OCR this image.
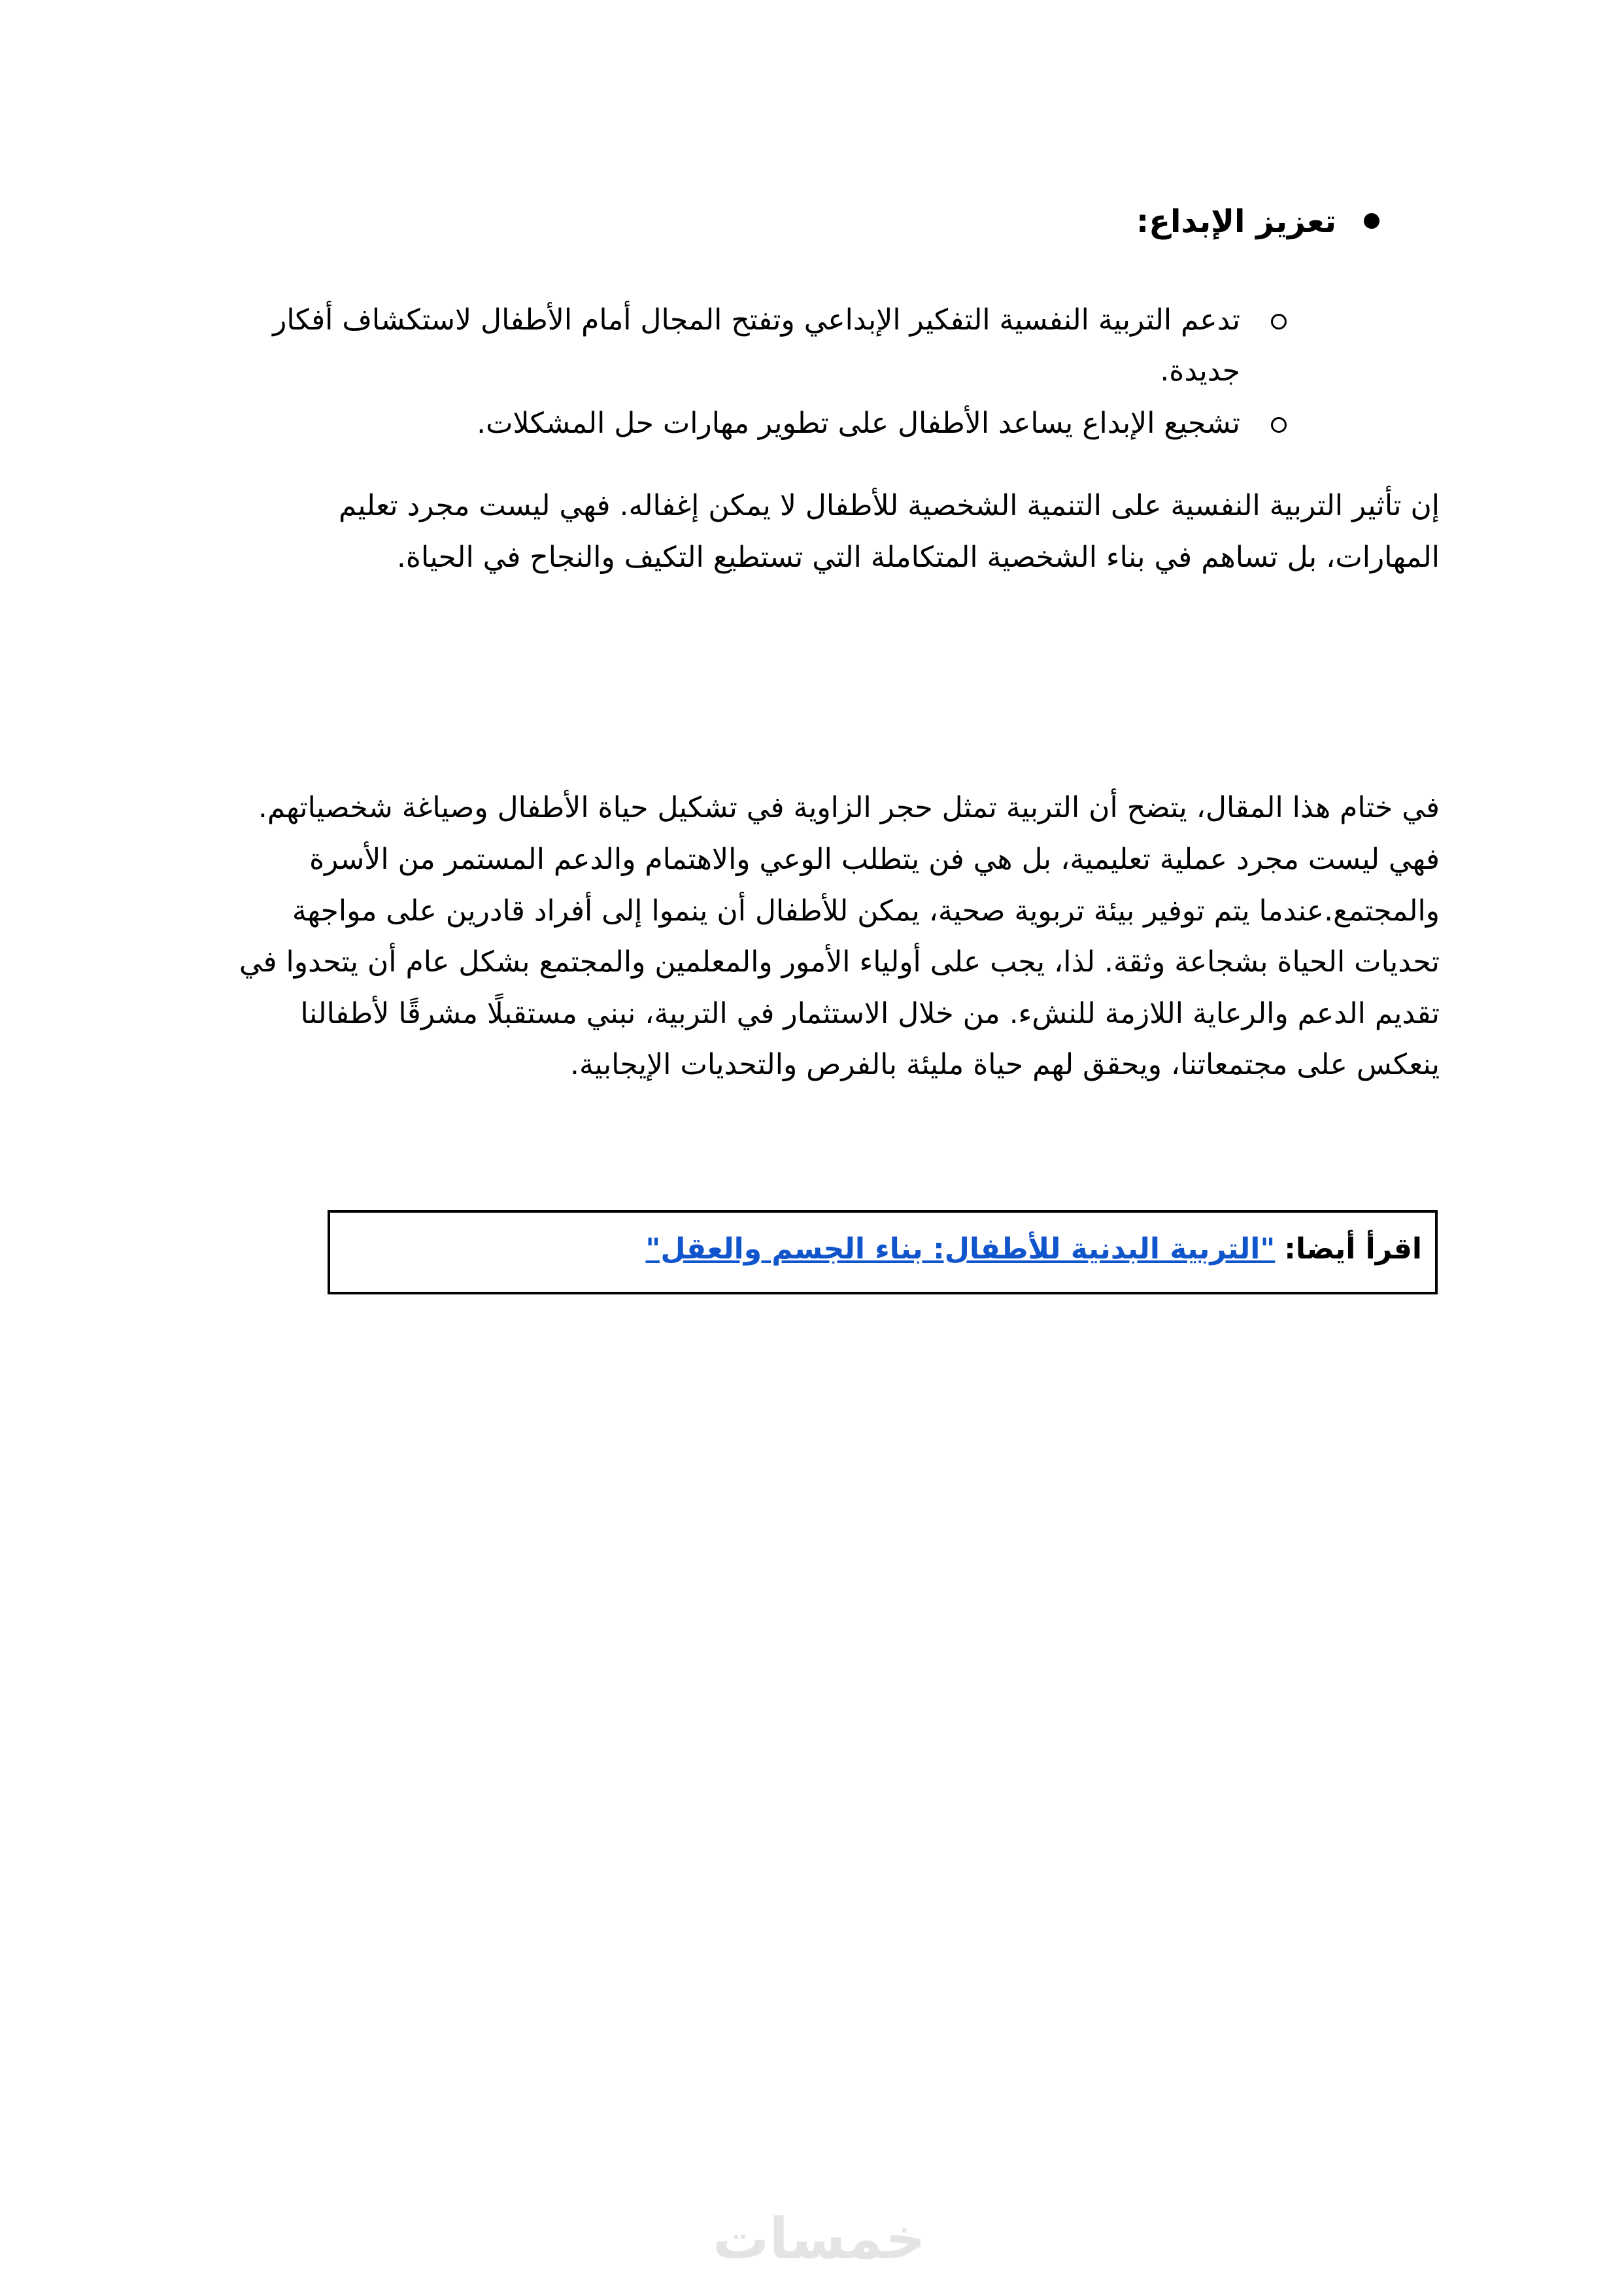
تعزيز الإبداع:
تدعم التربية النفسية التفكير الإبداعي وتفتح المجال أمام الأطفال لاستكشاف أفكار
جديدة.
تشجيع الإبداع يساعد الأطفال على تطوير مهارات حل المشكلات.
إن تأثير التربية النفسية على التنمية الشخصية للأطفال لا يمكن إغفاله. فهي ليست مجرد تعليم
المهارات، بل تساهم في بناء الشخصية المتكاملة التي تستطيع التكيف والنجاح في الحياة.
في ختام هذا المقال، يتضح أن التربية تمثل حجر الزاوية في تشكيل حياة الأطفال وصياغة شخصياتهم.
فهي ليست مجرد عملية تعليمية، بل هي فن يتطلب الوعي والاهتمام والدعم المستمر من الأسرة
والمجتمع.عندما يتم توفير بيئة تربوية صحية، يمكن للأطفال أن ينموا إلى أفراد قادرين على مواجهة
تحديات الحياة بشجاعة وثقة. لذا، يجب على أولياء الأمور والمعلمين والمجتمع بشكل عام أن يتحدوا في
تقديم الدعم والرعاية اللازمة للنشء. من خلال الاستثمار في التربية، نبني مستقبلًا مشرقًا لأطفالنا
ينعكس على مجتمعاتنا، ويحقق لهم حياة مليئة بالفرص والتحديات الإيجابية.
اقرأ أيضا: "التربية البدنية للأطفال: بناء الجسم والعقل"
خمسات
